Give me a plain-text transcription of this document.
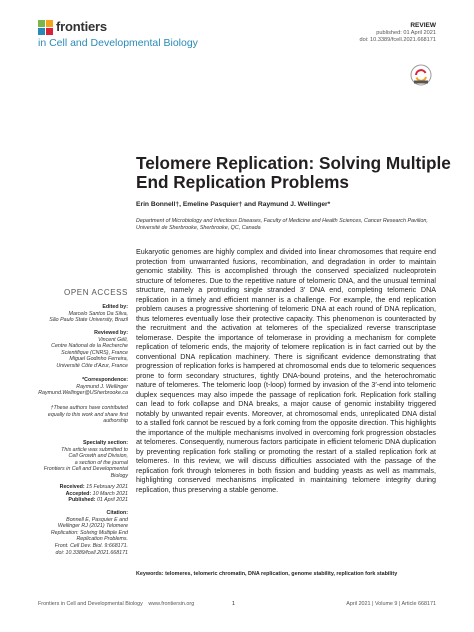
frontiers
in Cell and Developmental Biology
REVIEW
published: 01 April 2021
doi: 10.3389/fcell.2021.668171
Telomere Replication: Solving Multiple End Replication Problems
Erin Bonnell†, Emeline Pasquier† and Raymund J. Wellinger*
Department of Microbiology and Infectious Diseases, Faculty of Medicine and Health Sciences, Cancer Research Pavilion, Université de Sherbrooke, Sherbrooke, QC, Canada
Eukaryotic genomes are highly complex and divided into linear chromosomes that require end protection from unwarranted fusions, recombination, and degradation in order to maintain genomic stability. This is accomplished through the conserved specialized nucleoprotein structure of telomeres. Due to the repetitive nature of telomeric DNA, and the unusual terminal structure, namely a protruding single stranded 3′ DNA end, completing telomeric DNA replication in a timely and efficient manner is a challenge. For example, the end replication problem causes a progressive shortening of telomeric DNA at each round of DNA replication, thus telomeres eventually lose their protective capacity. This phenomenon is counteracted by the recruitment and the activation at telomeres of the specialized reverse transcriptase telomerase. Despite the importance of telomerase in providing a mechanism for complete replication of telomeric ends, the majority of telomere replication is in fact carried out by the conventional DNA replication machinery. There is significant evidence demonstrating that progression of replication forks is hampered at chromosomal ends due to telomeric sequences prone to form secondary structures, tightly DNA-bound proteins, and the heterochromatic nature of telomeres. The telomeric loop (t-loop) formed by invasion of the 3′-end into telomeric duplex sequences may also impede the passage of replication fork. Replication fork stalling can lead to fork collapse and DNA breaks, a major cause of genomic instability triggered notably by unwanted repair events. Moreover, at chromosomal ends, unreplicated DNA distal to a stalled fork cannot be rescued by a fork coming from the opposite direction. This highlights the importance of the multiple mechanisms involved in overcoming fork progression obstacles at telomeres. Consequently, numerous factors participate in efficient telomeric DNA duplication by preventing replication fork stalling or promoting the restart of a stalled replication fork at telomeres. In this review, we will discuss difficulties associated with the passage of the replication fork through telomeres in both fission and budding yeasts as well as mammals, highlighting conserved mechanisms implicated in maintaining telomere integrity during replication, thus preserving a stable genome.
Keywords: telomeres, telomeric chromatin, DNA replication, genome stability, replication fork stability
OPEN ACCESS
Edited by:
Marcelo Santos Da Silva,
São Paulo State University, Brazil
Reviewed by:
Vincent Géli,
Centre National de la Recherche
Scientifique (CNRS), France
Miguel Godinho Ferreira,
Université Côte d'Azur, France
*Correspondence:
Raymund J. Wellinger
Raymund.Wellinger@USherbrooke.ca
†These authors have contributed
equally to this work and share first
authorship
Specialty section:
This article was submitted to
Cell Growth and Division,
a section of the journal
Frontiers in Cell and Developmental
Biology
Received: 15 February 2021
Accepted: 10 March 2021
Published: 01 April 2021
Citation:
Bonnell E, Pasquier E and
Wellinger RJ (2021) Telomere
Replication: Solving Multiple End
Replication Problems.
Front. Cell Dev. Biol. 9:668171.
doi: 10.3389/fcell.2021.668171
Frontiers in Cell and Developmental Biology www.frontiersin.org	1	April 2021 | Volume 9 | Article 668171
